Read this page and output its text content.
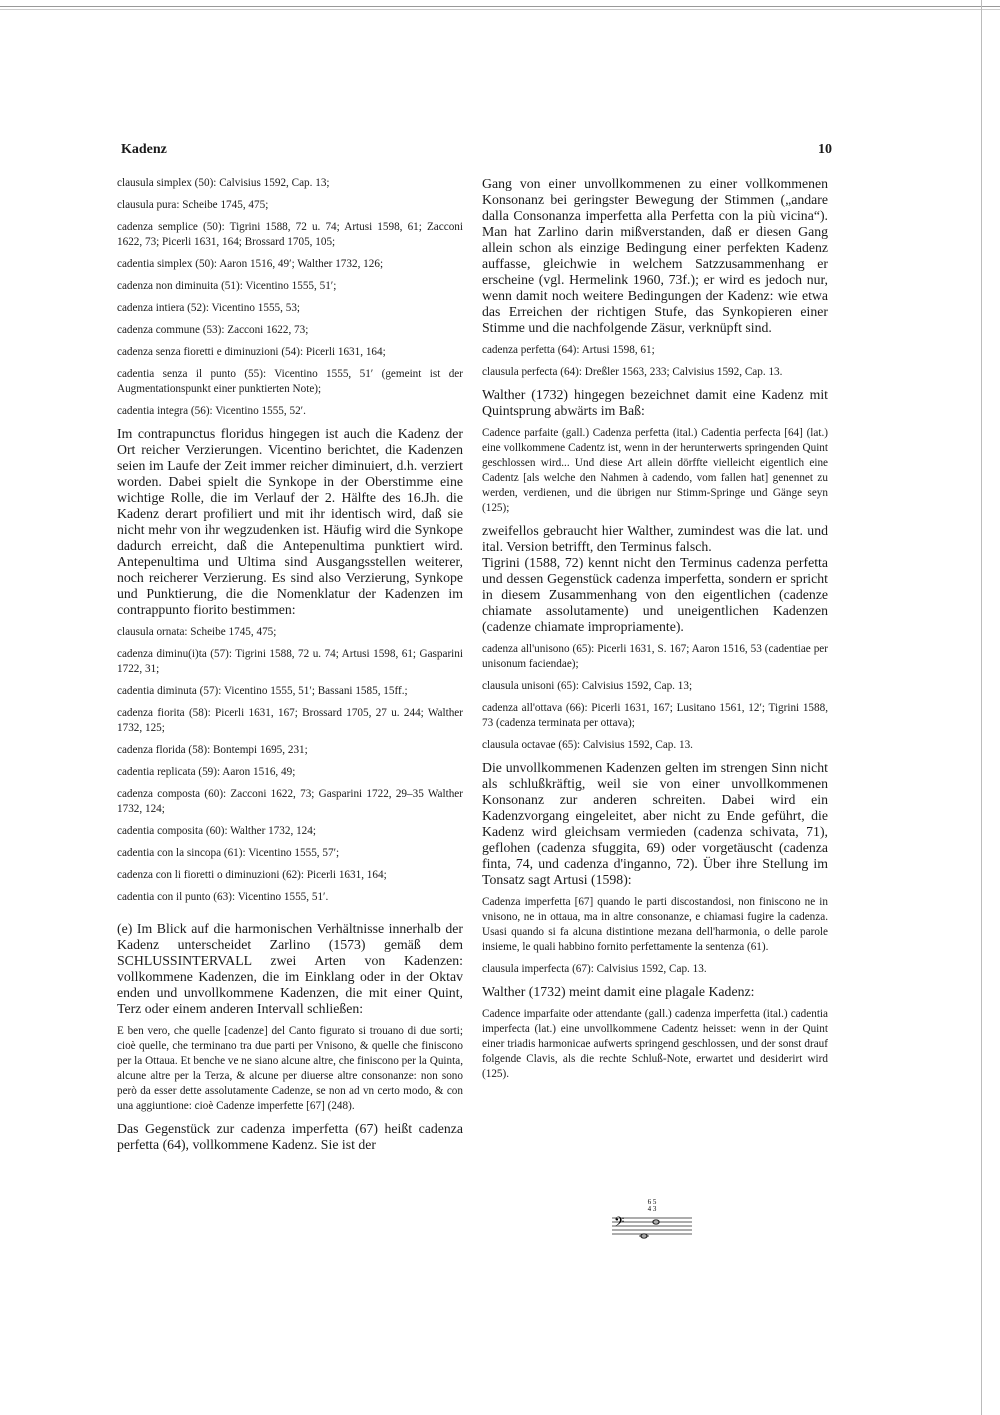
Kadenz	10

clausula simplex (50): Calvisius 1592, Cap. 13;

clausula pura: Scheibe 1745, 475;

cadenza semplice (50): Tigrini 1588, 72 u. 74; Artusi 1598, 61; Zacconi 1622, 73; Picerli 1631, 164; Brossard 1705, 105;

cadentia simplex (50): Aaron 1516, 49′; Walther 1732, 126;

cadenza non diminuita (51): Vicentino 1555, 51′;

cadenza intiera (52): Vicentino 1555, 53;

cadenza commune (53): Zacconi 1622, 73;

cadenza senza fioretti e diminuzioni (54): Picerli 1631, 164;

cadentia senza il punto (55): Vicentino 1555, 51′ (gemeint ist der Augmentationspunkt einer punktierten Note);

cadentia integra (56): Vicentino 1555, 52′.

Im contrapunctus floridus hingegen ist auch die Kadenz der Ort reicher Verzierungen. Vicentino berichtet, die Kadenzen seien im Laufe der Zeit immer reicher diminuiert, d.h. verziert worden. Dabei spielt die Synkope in der Oberstimme eine wichtige Rolle, die im Verlauf der 2. Hälfte des 16.Jh. die Kadenz derart profiliert und mit ihr identisch wird, daß sie nicht mehr von ihr wegzudenken ist. Häufig wird die Synkope dadurch erreicht, daß die Antepenultima punktiert wird. Antepenultima und Ultima sind Ausgangsstellen weiterer, noch reicherer Verzierung. Es sind also Verzierung, Synkope und Punktierung, die die Nomenklatur der Kadenzen im contrappunto fiorito bestimmen:

clausula ornata: Scheibe 1745, 475;

cadenza diminu(i)ta (57): Tigrini 1588, 72 u. 74; Artusi 1598, 61; Gasparini 1722, 31;

cadentia diminuta (57): Vicentino 1555, 51′; Bassani 1585, 15ff.;

cadenza fiorita (58): Picerli 1631, 167; Brossard 1705, 27 u. 244; Walther 1732, 125;

cadenza florida (58): Bontempi 1695, 231;

cadentia replicata (59): Aaron 1516, 49;

cadenza composta (60): Zacconi 1622, 73; Gasparini 1722, 29–35 Walther 1732, 124;

cadentia composita (60): Walther 1732, 124;

cadentia con la sincopa (61): Vicentino 1555, 57′;

cadenza con li fioretti o diminuzioni (62): Picerli 1631, 164;

cadentia con il punto (63): Vicentino 1555, 51′.

(e) Im Blick auf die harmonischen Verhältnisse innerhalb der Kadenz unterscheidet Zarlino (1573) gemäß dem SCHLUSSINTERVALL zwei Arten von Kadenzen: vollkommene Kadenzen, die im Einklang oder in der Oktav enden und unvollkommene Kadenzen, die mit einer Quint, Terz oder einem anderen Intervall schließen:

E ben vero, che quelle [cadenze] del Canto figurato si trouano di due sorti; cioè quelle, che terminano tra due parti per Vnisono, & quelle che finiscono per la Ottaua. Et benche ve ne siano alcune altre, che finiscono per la Quinta, alcune altre per la Terza, & alcune per diuerse altre consonanze: non sono però da esser dette assolutamente Cadenze, se non ad vn certo modo, & con una aggiuntione: cioè Cadenze imperfette [67] (248).

Das Gegenstück zur cadenza imperfetta (67) heißt cadenza perfetta (64), vollkommene Kadenz. Sie ist der

Gang von einer unvollkommenen zu einer vollkommenen Konsonanz bei geringster Bewegung der Stimmen („andare dalla Consonanza imperfetta alla Perfetta con la più vicina“). Man hat Zarlino darin mißverstanden, daß er diesen Gang allein schon als einzige Bedingung einer perfekten Kadenz auffasse, gleichwie in welchem Satzzusammenhang er erscheine (vgl. Hermelink 1960, 73f.); er wird es jedoch nur, wenn damit noch weitere Bedingungen der Kadenz: wie etwa das Erreichen der richtigen Stufe, das Synkopieren einer Stimme und die nachfolgende Zäsur, verknüpft sind.

cadenza perfetta (64): Artusi 1598, 61;

clausula perfecta (64): Dreßler 1563, 233; Calvisius 1592, Cap. 13.

Walther (1732) hingegen bezeichnet damit eine Kadenz mit Quintsprung abwärts im Baß:

Cadence parfaite (gall.) Cadenza perfetta (ital.) Cadentia perfecta [64] (lat.) eine vollkommene Cadentz ist, wenn in der herunterwerts springenden Quint geschlossen wird... Und diese Art allein dörffte vielleicht eigentlich eine Cadentz [als welche den Nahmen à cadendo, vom fallen hat] genennet zu werden, verdienen, und die übrigen nur Stimm-Springe und Gänge seyn (125);

zweifellos gebraucht hier Walther, zumindest was die lat. und ital. Version betrifft, den Terminus falsch.

Tigrini (1588, 72) kennt nicht den Terminus cadenza perfetta und dessen Gegenstück cadenza imperfetta, sondern er spricht in diesem Zusammenhang von den eigentlichen (cadenze chiamate assolutamente) und uneigentlichen Kadenzen (cadenze chiamate impropriamente).

cadenza all'unisono (65): Picerli 1631, S. 167; Aaron 1516, 53 (cadentiae per unisonum faciendae);

clausula unisoni (65): Calvisius 1592, Cap. 13;

cadenza all'ottava (66): Picerli 1631, 167; Lusitano 1561, 12′; Tigrini 1588, 73 (cadenza terminata per ottava);

clausula octavae (65): Calvisius 1592, Cap. 13.

Die unvollkommenen Kadenzen gelten im strengen Sinn nicht als schlußkräftig, weil sie von einer unvollkommenen Konsonanz zur anderen schreiten. Dabei wird ein Kadenzvorgang eingeleitet, aber nicht zu Ende geführt, die Kadenz wird gleichsam vermieden (cadenza schivata, 71), geflohen (cadenza sfuggita, 69) oder vorgetäuscht (cadenza finta, 74, und cadenza d'inganno, 72). Über ihre Stellung im Tonsatz sagt Artusi (1598):

Cadenza imperfetta [67] quando le parti discostandosi, non finiscono ne in vnisono, ne in ottaua, ma in altre consonanze, e chiamasi fugire la cadenza. Usasi quando si fa alcuna distintione mezana dell'harmonia, o delle parole insieme, le quali habbino fornito perfettamente la sentenza (61).

clausula imperfecta (67): Calvisius 1592, Cap. 13.

Walther (1732) meint damit eine plagale Kadenz:

Cadence imparfaite oder attendante (gall.) cadenza imperfetta (ital.) cadentia imperfecta (lat.) eine unvollkommene Cadentz heisset: wenn in der Quint einer triadis harmonicae aufwerts springend geschlossen, und der sonst drauf folgende Clavis, als die rechte Schluß-Note, erwartet und desiderirt wird (125).

6 5
4 3
𝄢
